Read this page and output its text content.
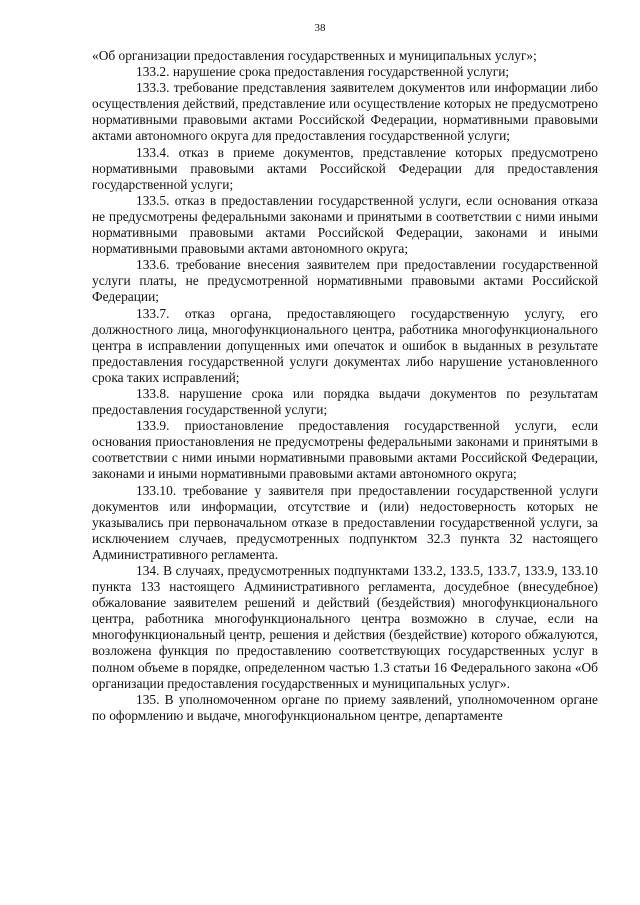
38

«Об организации предоставления государственных и муниципальных услуг»;

133.2. нарушение срока предоставления государственной услуги;

133.3. требование представления заявителем документов или информации либо осуществления действий, представление или осуществление которых не предусмотрено нормативными правовыми актами Российской Федерации, нормативными правовыми актами автономного округа для предоставления государственной услуги;

133.4. отказ в приеме документов, представление которых предусмотрено нормативными правовыми актами Российской Федерации для предоставления государственной услуги;

133.5. отказ в предоставлении государственной услуги, если основания отказа не предусмотрены федеральными законами и принятыми в соответствии с ними иными нормативными правовыми актами Российской Федерации, законами и иными нормативными правовыми актами автономного округа;

133.6. требование внесения заявителем при предоставлении государственной услуги платы, не предусмотренной нормативными правовыми актами Российской Федерации;

133.7. отказ органа, предоставляющего государственную услугу, его должностного лица, многофункционального центра, работника многофункционального центра в исправлении допущенных ими опечаток и ошибок в выданных в результате предоставления государственной услуги документах либо нарушение установленного срока таких исправлений;

133.8. нарушение срока или порядка выдачи документов по результатам предоставления государственной услуги;

133.9. приостановление предоставления государственной услуги, если основания приостановления не предусмотрены федеральными законами и принятыми в соответствии с ними иными нормативными правовыми актами Российской Федерации, законами и иными нормативными правовыми актами автономного округа;

133.10. требование у заявителя при предоставлении государственной услуги документов или информации, отсутствие и (или) недостоверность которых не указывались при первоначальном отказе в предоставлении государственной услуги, за исключением случаев, предусмотренных подпунктом 32.3 пункта 32 настоящего Административного регламента.

134. В случаях, предусмотренных подпунктами 133.2, 133.5, 133.7, 133.9, 133.10 пункта 133 настоящего Административного регламента, досудебное (внесудебное) обжалование заявителем решений и действий (бездействия) многофункционального центра, работника многофункционального центра возможно в случае, если на многофункциональный центр, решения и действия (бездействие) которого обжалуются, возложена функция по предоставлению соответствующих государственных услуг в полном объеме в порядке, определенном частью 1.3 статьи 16 Федерального закона «Об организации предоставления государственных и муниципальных услуг».

135. В уполномоченном органе по приему заявлений, уполномоченном органе по оформлению и выдаче, многофункциональном центре, департаменте
